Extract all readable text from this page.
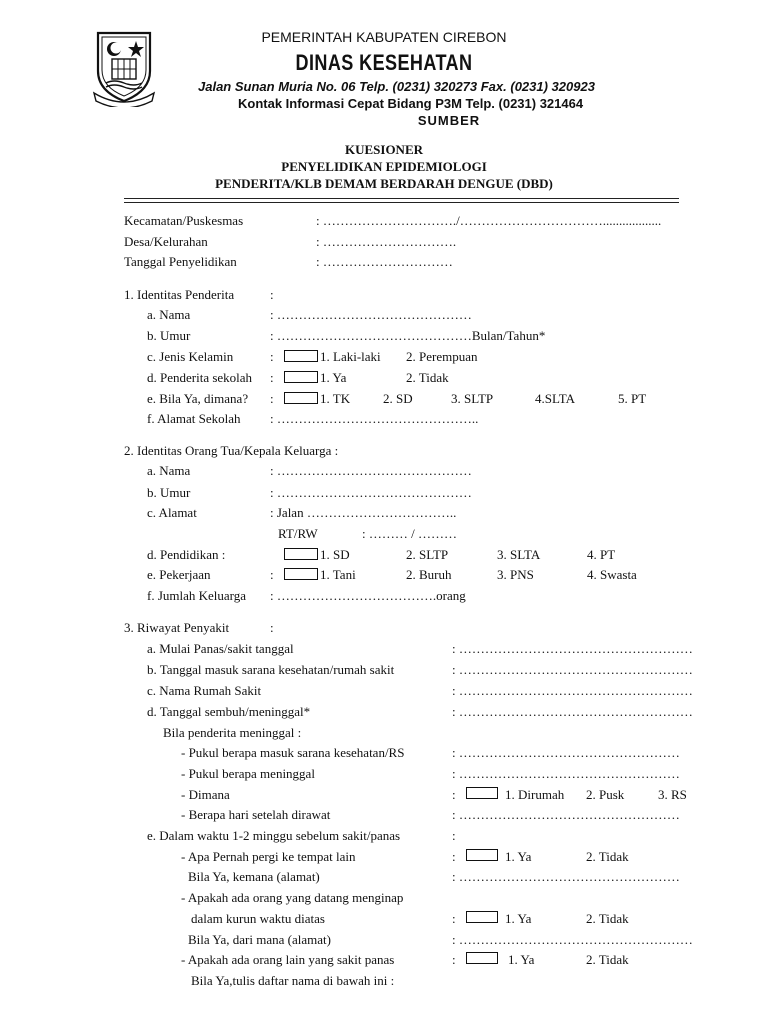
PEMERINTAH KABUPATEN CIREBON
DINAS KESEHATAN
Jalan Sunan Muria No. 06 Telp. (0231) 320273 Fax. (0231) 320923
Kontak Informasi Cepat Bidang P3M Telp. (0231) 321464
SUMBER
KUESIONER
PENYELIDIKAN EPIDEMIOLOGI
PENDERITA/KLB DEMAM BERDARAH DENGUE (DBD)
Kecamatan/Puskesmas	: …………………………./……………………………..................
Desa/Kelurahan	: ………………………….
Tanggal Penyelidikan	: …………………………
1. Identitas Penderita	:
a. Nama	: ………………………………………
b. Umur	: ………………………………………Bulan/Tahun*
c. Jenis Kelamin	:	1. Laki-laki 2. Perempuan
d. Penderita sekolah :	1. Ya	2. Tidak
e. Bila Ya, dimana? :	1. TK	2. SD	3. SLTP	4.SLTA	5. PT
f. Alamat Sekolah : ………………………………………..
2. Identitas Orang Tua/Kepala Keluarga :
a. Nama	: ………………………………………
b. Umur	: ………………………………………
c. Alamat	: Jalan ……………………………..
RT/RW	: ……… / ………
d. Pendidikan :	1. SD	2. SLTP	3. SLTA	4. PT
e. Pekerjaan	:	1. Tani	2. Buruh	3. PNS	4. Swasta
f. Jumlah Keluarga : ……………………………….orang
3. Riwayat Penyakit	:
a. Mulai Panas/sakit tanggal	: ………………………………………………
b. Tanggal masuk sarana kesehatan/rumah sakit	: ………………………………………………
c. Nama Rumah Sakit	: ………………………………………………
d. Tanggal sembuh/meninggal*	: ………………………………………………
Bila penderita meninggal :
- Pukul berapa masuk sarana kesehatan/RS	: ……………………………………………
- Pukul berapa meninggal	: ……………………………………………
- Dimana	:	1. Dirumah 2. Pusk	3. RS
- Berapa hari setelah dirawat	: ……………………………………………
e. Dalam waktu 1-2 minggu sebelum sakit/panas	:
- Apa Pernah pergi ke tempat lain	:	1. Ya	2. Tidak
Bila Ya, kemana (alamat)	: ……………………………………………
- Apakah ada orang yang datang menginap
dalam kurun waktu diatas	:	1. Ya	2. Tidak
Bila Ya, dari mana (alamat)	: ………………………………………………
- Apakah ada orang lain yang sakit panas	:	1. Ya	2. Tidak
Bila Ya,tulis daftar nama di bawah ini :
